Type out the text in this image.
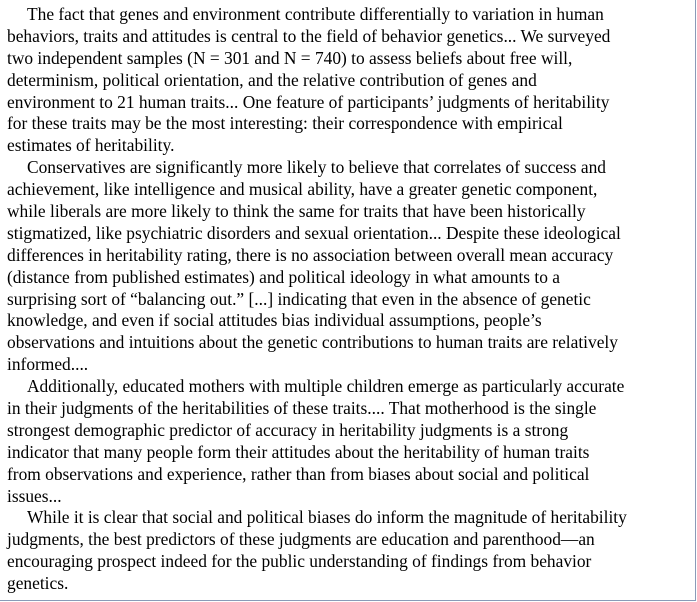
The fact that genes and environment contribute differentially to variation in human
behaviors, traits and attitudes is central to the field of behavior genetics... We surveyed
two independent samples (N = 301 and N = 740) to assess beliefs about free will,
determinism, political orientation, and the relative contribution of genes and
environment to 21 human traits... One feature of participants’ judgments of heritability
for these traits may be the most interesting: their correspondence with empirical
estimates of heritability.
Conservatives are significantly more likely to believe that correlates of success and
achievement, like intelligence and musical ability, have a greater genetic component,
while liberals are more likely to think the same for traits that have been historically
stigmatized, like psychiatric disorders and sexual orientation... Despite these ideological
differences in heritability rating, there is no association between overall mean accuracy
(distance from published estimates) and political ideology in what amounts to a
surprising sort of “balancing out.” [...] indicating that even in the absence of genetic
knowledge, and even if social attitudes bias individual assumptions, people’s
observations and intuitions about the genetic contributions to human traits are relatively
informed....
Additionally, educated mothers with multiple children emerge as particularly accurate
in their judgments of the heritabilities of these traits.... That motherhood is the single
strongest demographic predictor of accuracy in heritability judgments is a strong
indicator that many people form their attitudes about the heritability of human traits
from observations and experience, rather than from biases about social and political
issues...
While it is clear that social and political biases do inform the magnitude of heritability
judgments, the best predictors of these judgments are education and parenthood—an
encouraging prospect indeed for the public understanding of findings from behavior
genetics.
